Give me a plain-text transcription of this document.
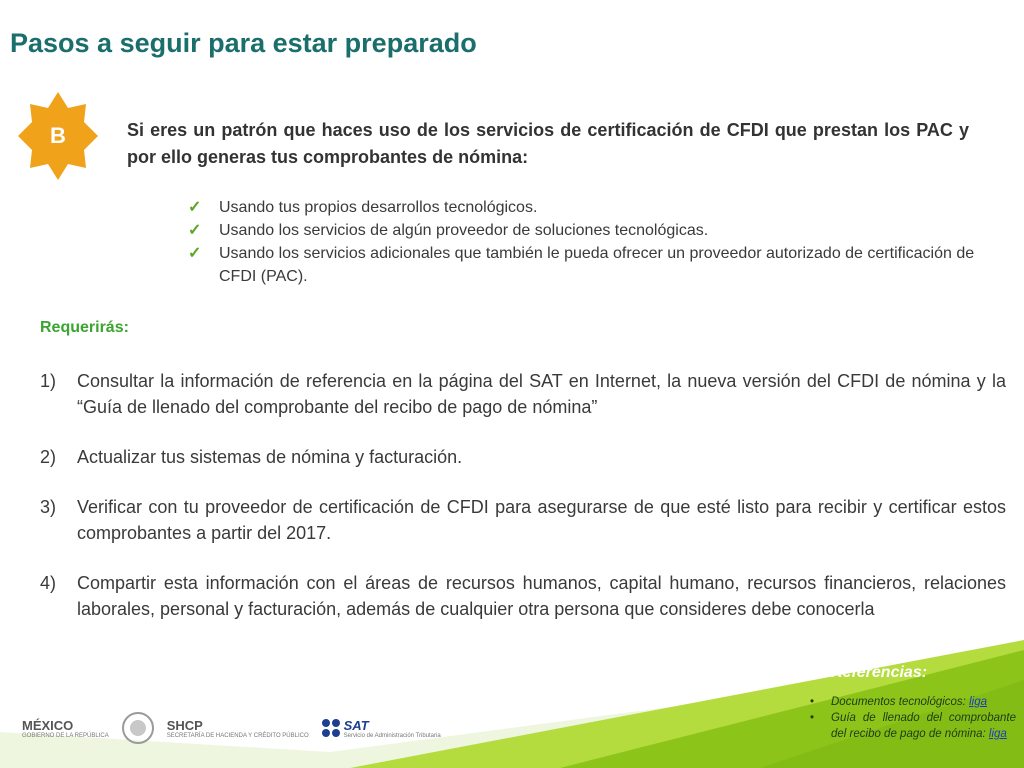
Pasos a seguir para estar preparado
B	Si eres un patrón que haces uso de los servicios de certificación de CFDI que prestan los PAC y por ello generas tus comprobantes de nómina:

✓ Usando tus propios desarrollos tecnológicos.
✓ Usando los servicios de algún proveedor de soluciones tecnológicas.
✓ Usando los servicios adicionales que también le pueda ofrecer un proveedor autorizado de certificación de CFDI (PAC).

Requerirás:

1) Consultar la información de referencia en la página del SAT en Internet, la nueva versión del CFDI de nómina y la “Guía de llenado del comprobante del recibo de pago de nómina”
2) Actualizar tus sistemas de nómina y facturación.
3) Verificar con tu proveedor de certificación de CFDI para asegurarse de que esté listo para recibir y certificar estos comprobantes a partir del 2017.
4) Compartir esta información con el áreas de recursos humanos, capital humano, recursos financieros, relaciones laborales, personal y facturación, además de cualquier otra persona que consideres debe conocerla
MÉXICO
GOBIERNO DE LA REPÚBLICA
SHCP
SECRETARÍA DE HACIENDA Y CRÉDITO PÚBLICO
SAT
Servicio de Administración Tributaria

Referencias:

• Documentos tecnológicos: liga
• Guía de llenado del comprobante del recibo de pago de nómina: liga
